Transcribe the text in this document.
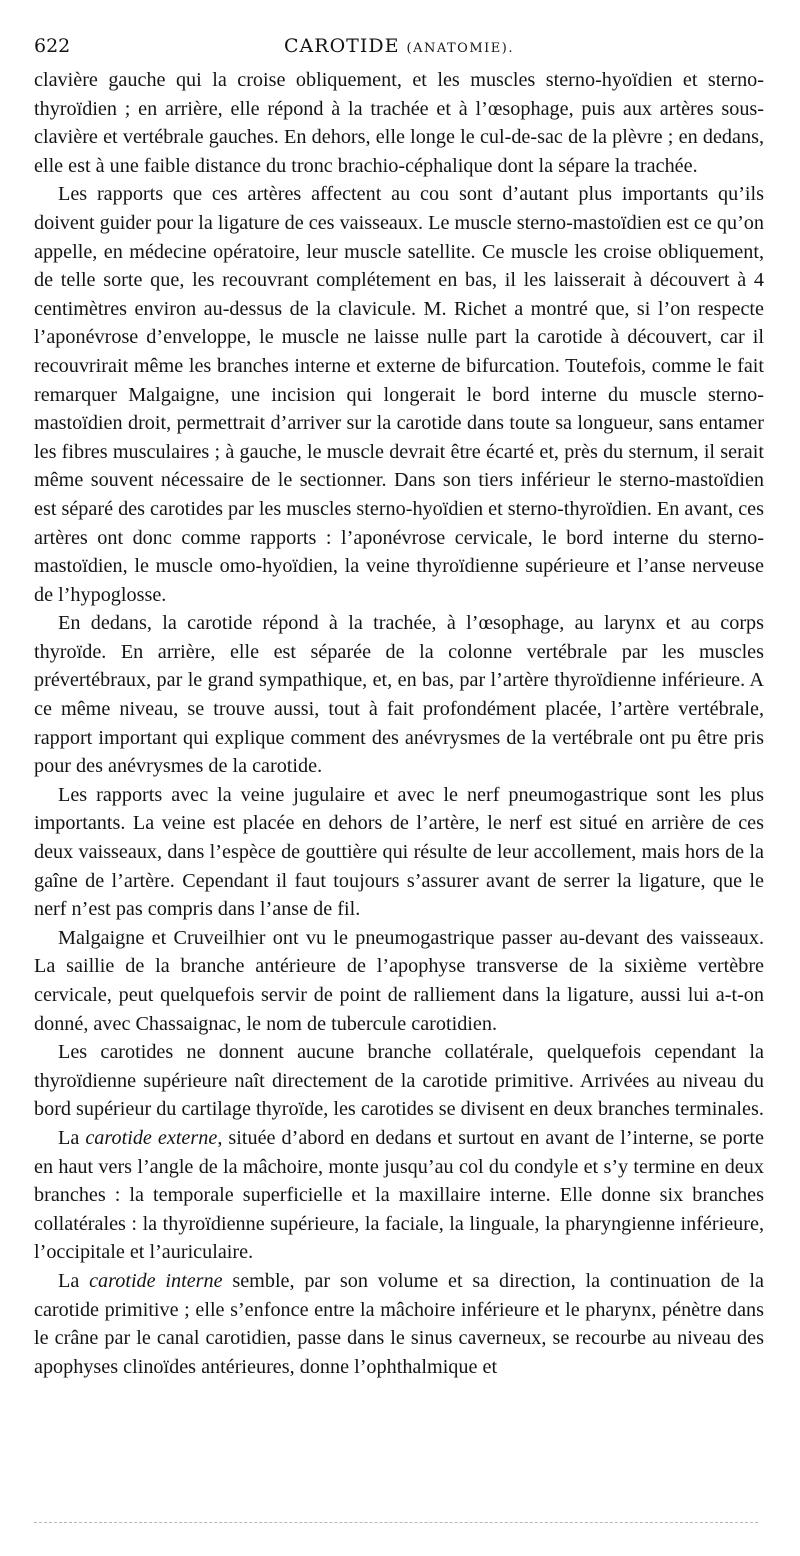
622	CAROTIDE (ANATOMIE).

clavière gauche qui la croise obliquement, et les muscles sterno-hyoïdien et sterno-thyroïdien ; en arrière, elle répond à la trachée et à l’œsophage, puis aux artères sous-clavière et vertébrale gauches. En dehors, elle longe le cul-de-sac de la plèvre ; en dedans, elle est à une faible distance du tronc brachio-céphalique dont la sépare la trachée.

Les rapports que ces artères affectent au cou sont d’autant plus importants qu’ils doivent guider pour la ligature de ces vaisseaux. Le muscle sterno-mastoïdien est ce qu’on appelle, en médecine opératoire, leur muscle satellite. Ce muscle les croise obliquement, de telle sorte que, les recouvrant complétement en bas, il les laisserait à découvert à 4 centimètres environ au-dessus de la clavicule. M. Richet a montré que, si l’on respecte l’aponévrose d’enveloppe, le muscle ne laisse nulle part la carotide à découvert, car il recouvrirait même les branches interne et externe de bifurcation. Toutefois, comme le fait remarquer Malgaigne, une incision qui longerait le bord interne du muscle sterno-mastoïdien droit, permettrait d’arriver sur la carotide dans toute sa longueur, sans entamer les fibres musculaires ; à gauche, le muscle devrait être écarté et, près du sternum, il serait même souvent nécessaire de le sectionner. Dans son tiers inférieur le sterno-mastoïdien est séparé des carotides par les muscles sterno-hyoïdien et sterno-thyroïdien. En avant, ces artères ont donc comme rapports : l’aponévrose cervicale, le bord interne du sterno-mastoïdien, le muscle omo-hyoïdien, la veine thyroïdienne supérieure et l’anse nerveuse de l’hypoglosse.

En dedans, la carotide répond à la trachée, à l’œsophage, au larynx et au corps thyroïde. En arrière, elle est séparée de la colonne vertébrale par les muscles prévertébraux, par le grand sympathique, et, en bas, par l’artère thyroïdienne inférieure. A ce même niveau, se trouve aussi, tout à fait profondément placée, l’artère vertébrale, rapport important qui explique comment des anévrysmes de la vertébrale ont pu être pris pour des anévrysmes de la carotide.

Les rapports avec la veine jugulaire et avec le nerf pneumogastrique sont les plus importants. La veine est placée en dehors de l’artère, le nerf est situé en arrière de ces deux vaisseaux, dans l’espèce de gouttière qui résulte de leur accollement, mais hors de la gaîne de l’artère. Cependant il faut toujours s’assurer avant de serrer la ligature, que le nerf n’est pas compris dans l’anse de fil.

Malgaigne et Cruveilhier ont vu le pneumogastrique passer au-devant des vaisseaux. La saillie de la branche antérieure de l’apophyse transverse de la sixième vertèbre cervicale, peut quelquefois servir de point de ralliement dans la ligature, aussi lui a-t-on donné, avec Chassaignac, le nom de tubercule carotidien.

Les carotides ne donnent aucune branche collatérale, quelquefois cependant la thyroïdienne supérieure naît directement de la carotide primitive. Arrivées au niveau du bord supérieur du cartilage thyroïde, les carotides se divisent en deux branches terminales.

La carotide externe, située d’abord en dedans et surtout en avant de l’interne, se porte en haut vers l’angle de la mâchoire, monte jusqu’au col du condyle et s’y termine en deux branches : la temporale superficielle et la maxillaire interne. Elle donne six branches collatérales : la thyroïdienne supérieure, la faciale, la linguale, la pharyngienne inférieure, l’occipitale et l’auriculaire.

La carotide interne semble, par son volume et sa direction, la continuation de la carotide primitive ; elle s’enfonce entre la mâchoire inférieure et le pharynx, pénètre dans le crâne par le canal carotidien, passe dans le sinus caverneux, se recourbe au niveau des apophyses clinoïdes antérieures, donne l’ophthalmique et
